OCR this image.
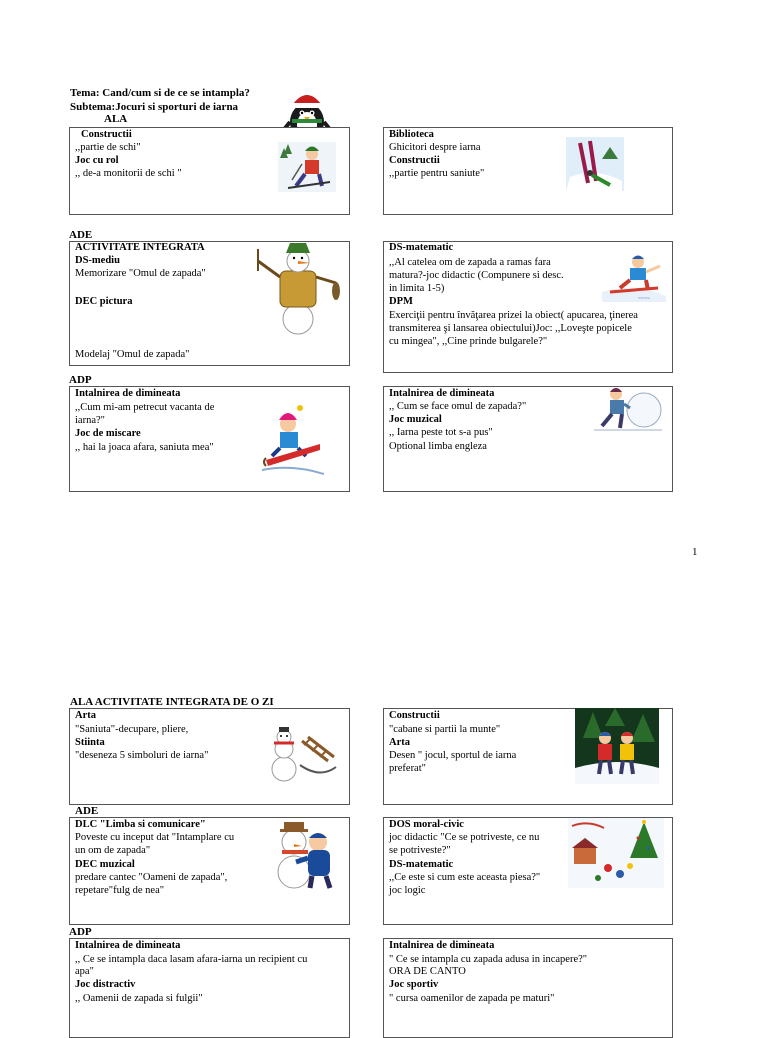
Tema: Cand/cum si de ce se intampla?
Subtema:Jocuri si sporturi de iarna
ALA
Constructii
,,partie de schi"
Joc cu rol
,, de-a monitorii de schi "
Biblioteca
Ghicitori despre iarna
Constructii
,,partie pentru saniute"
ADE
ACTIVITATE INTEGRATA
DS-mediu
Memorizare "Omul de zapada"
DEC pictura
Modelaj "Omul de zapada"
DS-matematic
,,Al catelea om de zapada a ramas fara
matura?-joc didactic (Compunere si desc.
in limita 1-5)
DPM
Exerciţii pentru învăţarea prizei la obiect( apucarea, ţinerea
transmiterea şi lansarea obiectului)Joc: ,,Loveşte popicele
cu mingea", ,,Cine prinde bulgarele?"
~~~~
ADP
Intalnirea de dimineata
,,Cum mi-am petrecut vacanta de
iarna?"
Joc de miscare
,, hai la joaca afara, saniuta mea"
Intalnirea de dimineata
,, Cum se face omul de zapada?"
Joc muzical
,, Iarna peste tot s-a pus"
Optional limba engleza
1
ALA ACTIVITATE INTEGRATA DE O ZI
Arta
"Saniuta"-decupare, pliere,
Stiinta
"deseneza 5 simboluri de iarna"
Constructii
"cabane si partii la munte"
Arta
Desen " jocul, sportul de iarna
preferat"
ADE
DLC "Limba si comunicare"
Poveste cu inceput dat "Intamplare cu
un om de zapada"
DEC muzical
predare cantec "Oameni de zapada",
repetare"fulg de nea"
DOS moral-civic
joc didactic "Ce se potriveste, ce nu
se potriveste?"
DS-matematic
,,Ce este si cum este aceasta piesa?"
joc logic
ADP
Intalnirea de dimineata
,, Ce se intampla daca lasam afara-iarna un recipient cu
apa"
Joc distractiv
,, Oamenii de zapada si fulgii"
Intalnirea de dimineata
" Ce se intampla cu zapada adusa in incapere?"
ORA DE CANTO
Joc sportiv
" cursa oamenilor de zapada pe maturi"
